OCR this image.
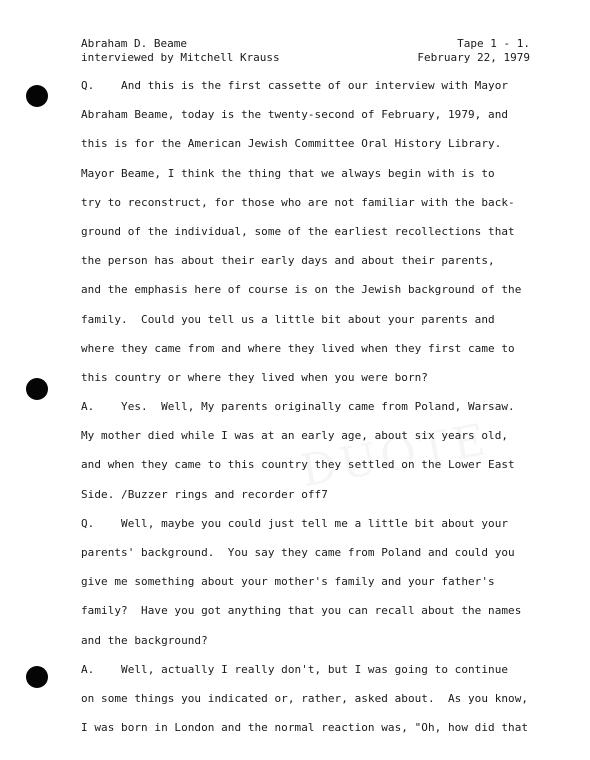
Abraham D. Beame	Tape 1 - 1.
interviewed by Mitchell Krauss	February 22, 1979
Q.    And this is the first cassette of our interview with Mayor
Abraham Beame, today is the twenty-second of February, 1979, and
this is for the American Jewish Committee Oral History Library.
Mayor Beame, I think the thing that we always begin with is to
try to reconstruct, for those who are not familiar with the back-
ground of the individual, some of the earliest recollections that
the person has about their early days and about their parents,
and the emphasis here of course is on the Jewish background of the
family.  Could you tell us a little bit about your parents and
where they came from and where they lived when they first came to
this country or where they lived when you were born?
A.    Yes.  Well, My parents originally came from Poland, Warsaw.
My mother died while I was at an early age, about six years old,
and when they came to this country they settled on the Lower East
Side. /Buzzer rings and recorder off7
Q.    Well, maybe you could just tell me a little bit about your
parents' background.  You say they came from Poland and could you
give me something about your mother's family and your father's
family?  Have you got anything that you can recall about the names
and the background?
A.    Well, actually I really don't, but I was going to continue
on some things you indicated or, rather, asked about.  As you know,
I was born in London and the normal reaction was, "Oh, how did that
